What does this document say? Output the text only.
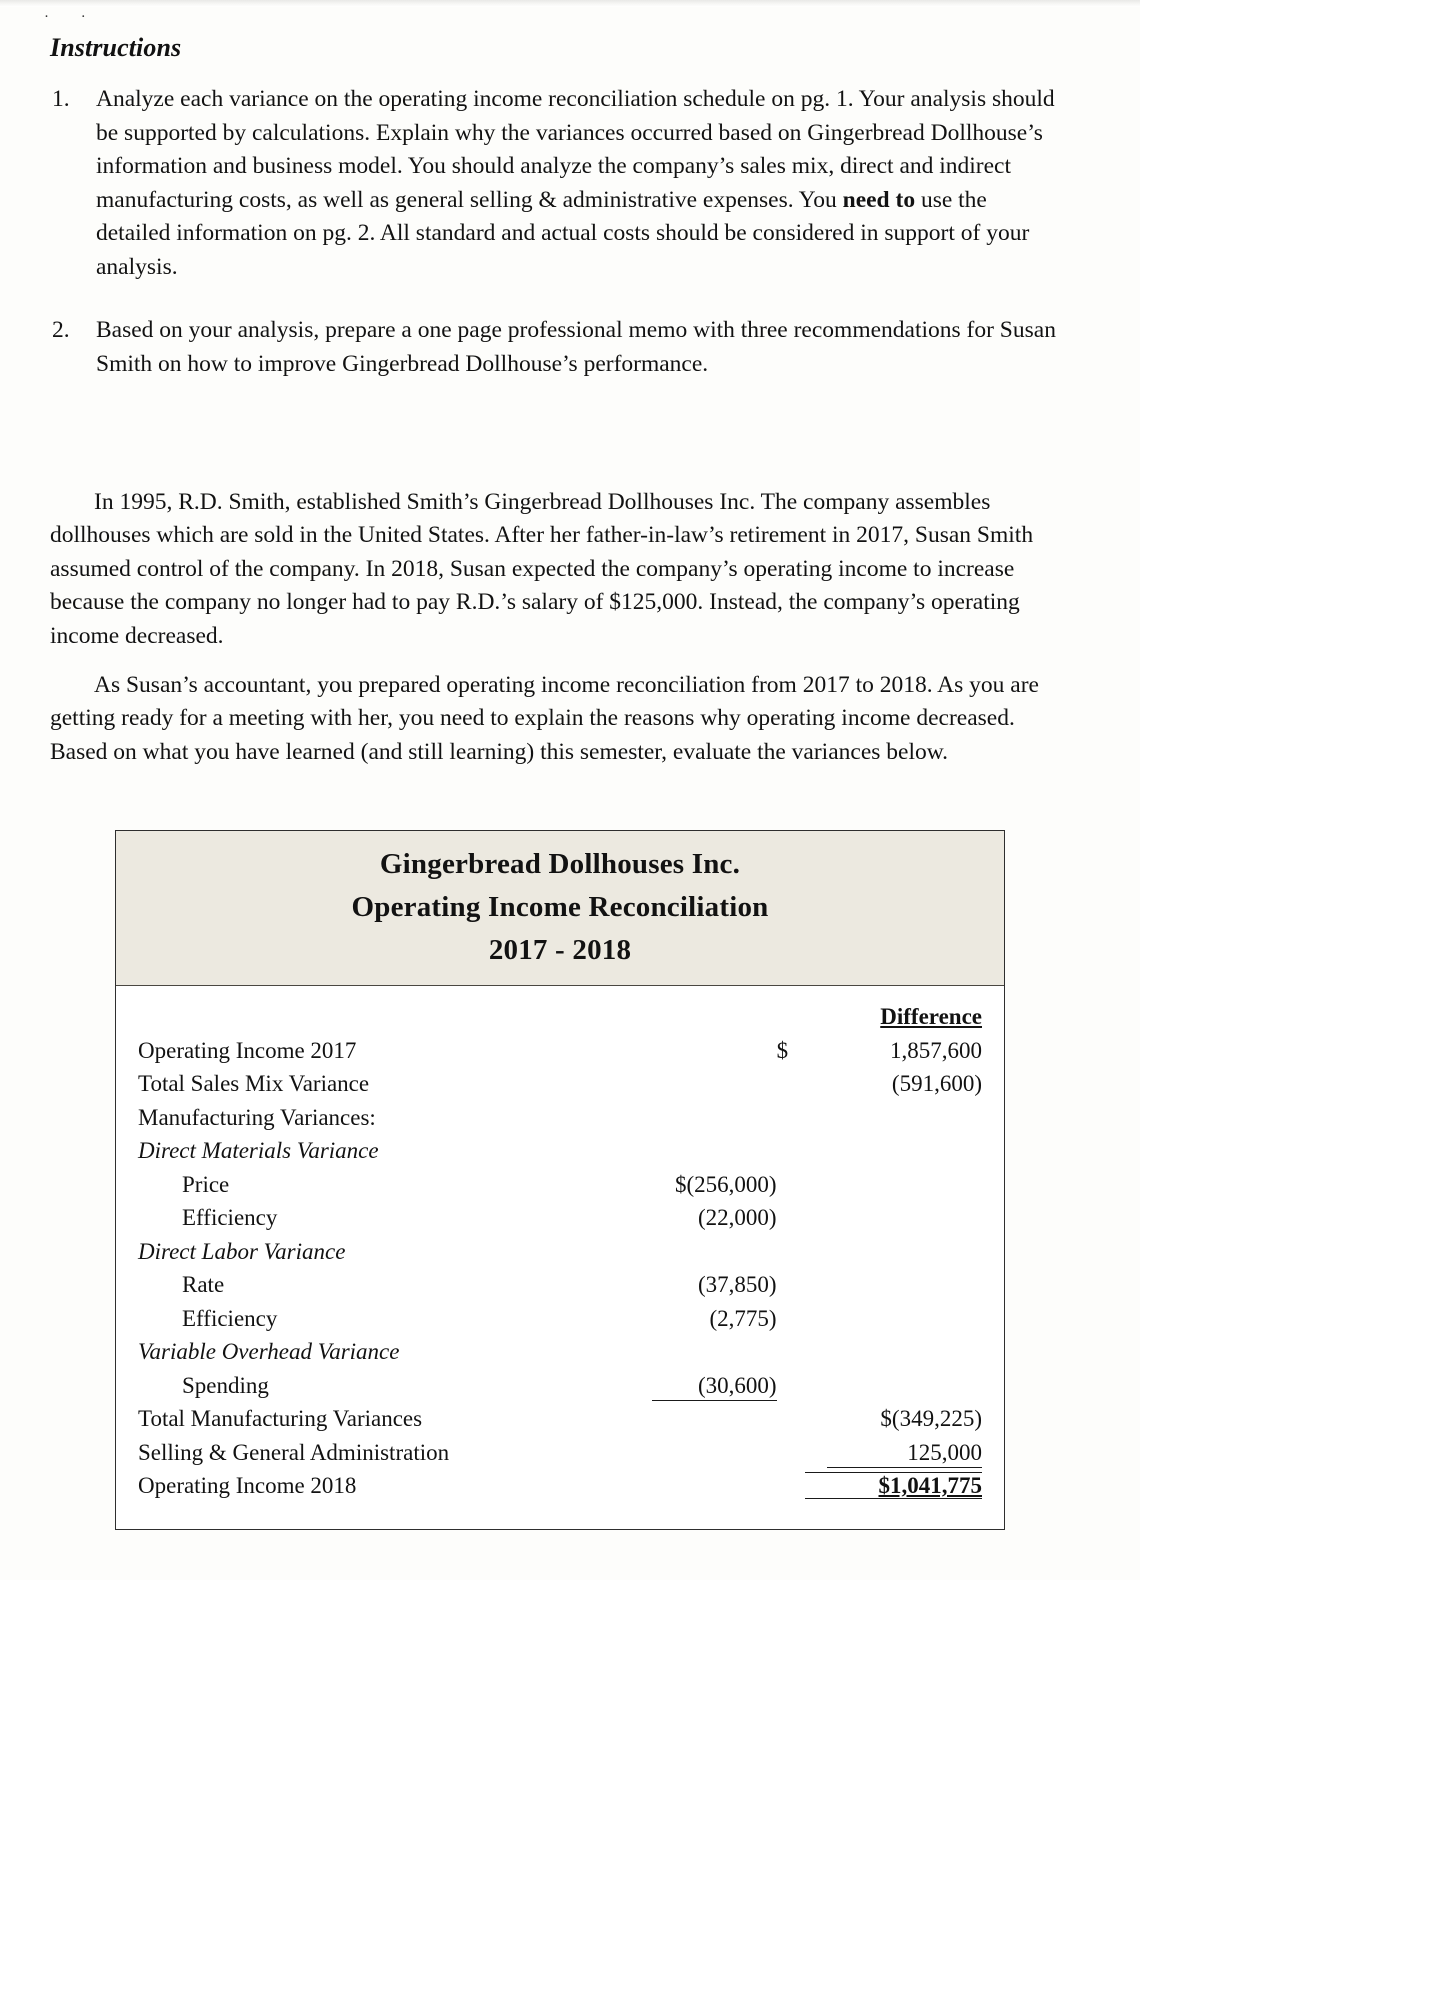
· ·
Instructions
1. Analyze each variance on the operating income reconciliation schedule on pg. 1. Your analysis should be supported by calculations. Explain why the variances occurred based on Gingerbread Dollhouse’s information and business model. You should analyze the company’s sales mix, direct and indirect manufacturing costs, as well as general selling & administrative expenses. You need to use the detailed information on pg. 2. All standard and actual costs should be considered in support of your analysis.
2. Based on your analysis, prepare a one page professional memo with three recommendations for Susan Smith on how to improve Gingerbread Dollhouse’s performance.

In 1995, R.D. Smith, established Smith’s Gingerbread Dollhouses Inc. The company assembles dollhouses which are sold in the United States. After her father-in-law’s retirement in 2017, Susan Smith assumed control of the company. In 2018, Susan expected the company’s operating income to increase because the company no longer had to pay R.D.’s salary of $125,000. Instead, the company’s operating income decreased.

As Susan’s accountant, you prepared operating income reconciliation from 2017 to 2018. As you are getting ready for a meeting with her, you need to explain the reasons why operating income decreased. Based on what you have learned (and still learning) this semester, evaluate the variances below.

Gingerbread Dollhouses Inc.
Operating Income Reconciliation
2017 - 2018
			Difference
Operating Income 2017		$	1,857,600
Total Sales Mix Variance			(591,600)
Manufacturing Variances:			
Direct Materials Variance			
Price	$(256,000)		
Efficiency	(22,000)		
Direct Labor Variance			
Rate	(37,850)		
Efficiency	(2,775)		
Variable Overhead Variance			
Spending	(30,600)		
Total Manufacturing Variances			$(349,225)
Selling & General Administration			125,000
Operating Income 2018			$1,041,775
